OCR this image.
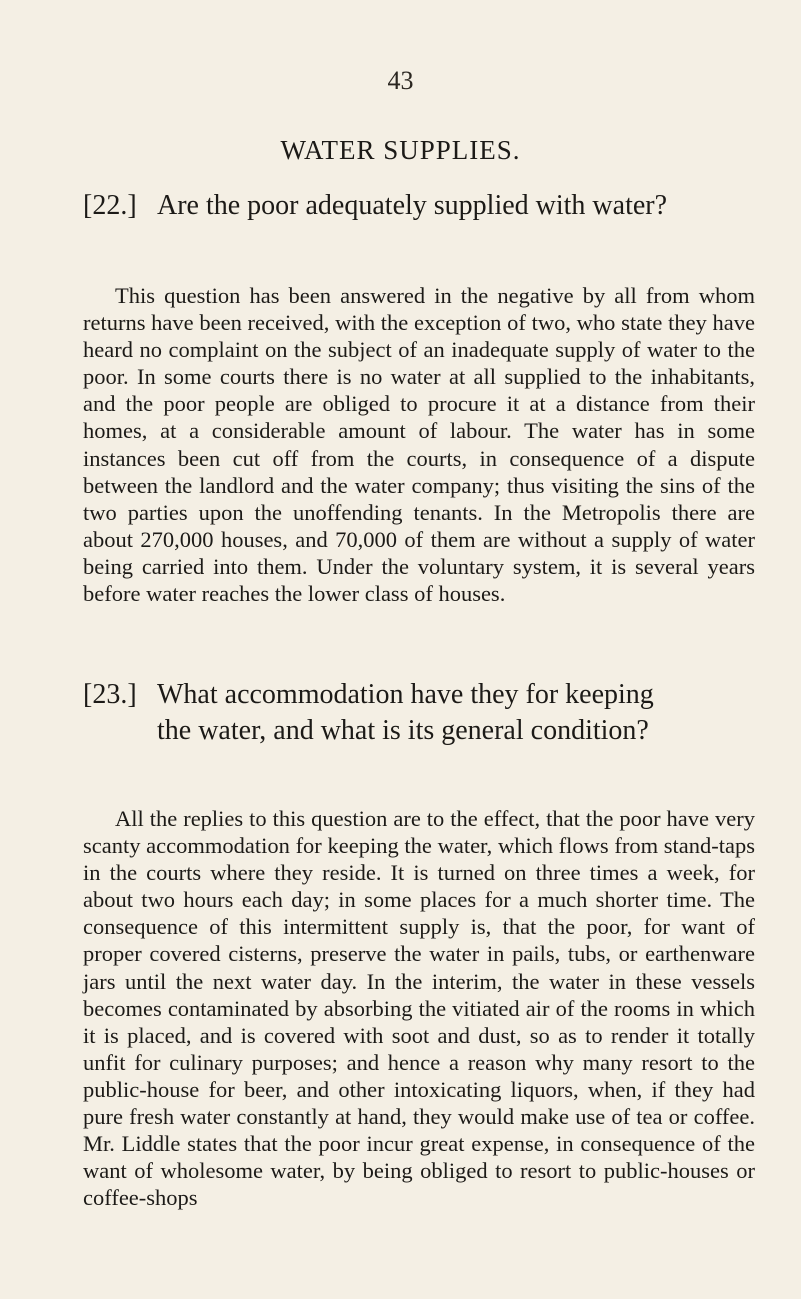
43
WATER SUPPLIES.
[22.] Are the poor adequately supplied with water?

This question has been answered in the negative by all from whom returns have been received, with the exception of two, who state they have heard no complaint on the subject of an inadequate supply of water to the poor. In some courts there is no water at all supplied to the inhabitants, and the poor people are obliged to procure it at a distance from their homes, at a considerable amount of labour. The water has in some instances been cut off from the courts, in consequence of a dispute between the landlord and the water company; thus visiting the sins of the two parties upon the unoffending tenants. In the Metropolis there are about 270,000 houses, and 70,000 of them are without a supply of water being carried into them. Under the voluntary system, it is several years before water reaches the lower class of houses.

[23.] What accommodation have they for keeping
the water, and what is its general condition?

All the replies to this question are to the effect, that the poor have very scanty accommodation for keeping the water, which flows from stand-taps in the courts where they reside. It is turned on three times a week, for about two hours each day; in some places for a much shorter time. The consequence of this intermittent supply is, that the poor, for want of proper covered cisterns, preserve the water in pails, tubs, or earthenware jars until the next water day. In the interim, the water in these vessels becomes contaminated by absorbing the vitiated air of the rooms in which it is placed, and is covered with soot and dust, so as to render it totally unfit for culinary purposes; and hence a reason why many resort to the public-house for beer, and other intoxicating liquors, when, if they had pure fresh water constantly at hand, they would make use of tea or coffee. Mr. Liddle states that the poor incur great expense, in consequence of the want of wholesome water, by being obliged to resort to public-houses or coffee-shops
